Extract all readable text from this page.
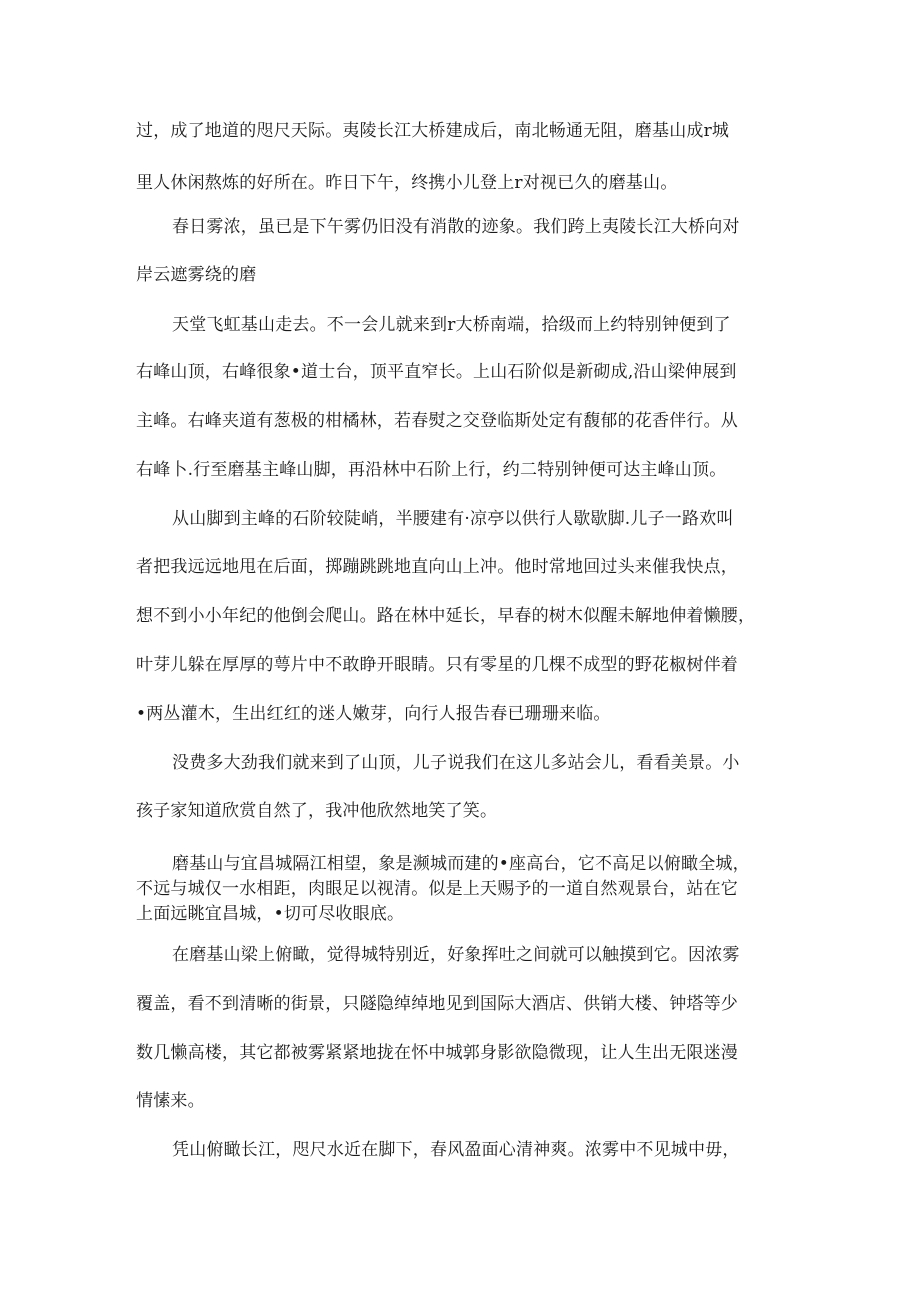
过，成了地道的咫尺天际。夷陵长江大桥建成后，南北畅通无阻，磨基山成r城
里人休闲熬炼的好所在。昨日下午，终携小儿登上r对视已久的磨基山。
春日雾浓，虽已是下午雾仍旧没有消散的迹象。我们跨上夷陵长江大桥向对
岸云遮雾绕的磨
天堂飞虹基山走去。不一会儿就来到r大桥南端，拾级而上约特别钟便到了
右峰山顶，右峰很象•道士台，顶平直窄长。上山石阶似是新砌成,沿山梁伸展到
主峰。右峰夹道有葱极的柑橘林，若春熨之交登临斯处定有馥郁的花香伴行。从
右峰卜.行至磨基主峰山脚，再沿林中石阶上行，约二特别钟便可达主峰山顶。
从山脚到主峰的石阶较陡峭，半腰建有·凉亭以供行人歇歇脚.儿子一路欢叫
者把我远远地甩在后面，掷蹦跳跳地直向山上冲。他时常地回过头来催我快点，
想不到小小年纪的他倒会爬山。路在林中延长，早春的树木似醒未解地伸着懒腰，
叶芽儿躲在厚厚的萼片中不敢睁开眼睛。只有零星的几棵不成型的野花椒树伴着
•两丛灌木，生出红红的迷人嫩芽，向行人报告春已珊珊来临。
没费多大劲我们就来到了山顶，儿子说我们在这儿多站会儿，看看美景。小
孩子家知道欣赏自然了，我冲他欣然地笑了笑。
磨基山与宜昌城隔江相望，象是濒城而建的•座高台，它不高足以俯瞰全城，
不远与城仅一水相距，肉眼足以视清。似是上天赐予的一道自然观景台，站在它
上面远眺宜昌城，•切可尽收眼底。
在磨基山梁上俯瞰，觉得城特别近，好象挥吐之间就可以触摸到它。因浓雾
覆盖，看不到清晰的街景，只隧隐绰绰地见到国际大酒店、供销大楼、钟塔等少
数几懒高楼，其它都被雾紧紧地拢在怀中城郭身影欲隐微现，让人生出无限迷漫
情愫来。
凭山俯瞰长江，咫尺水近在脚下，春风盈面心清神爽。浓雾中不见城中毋，
